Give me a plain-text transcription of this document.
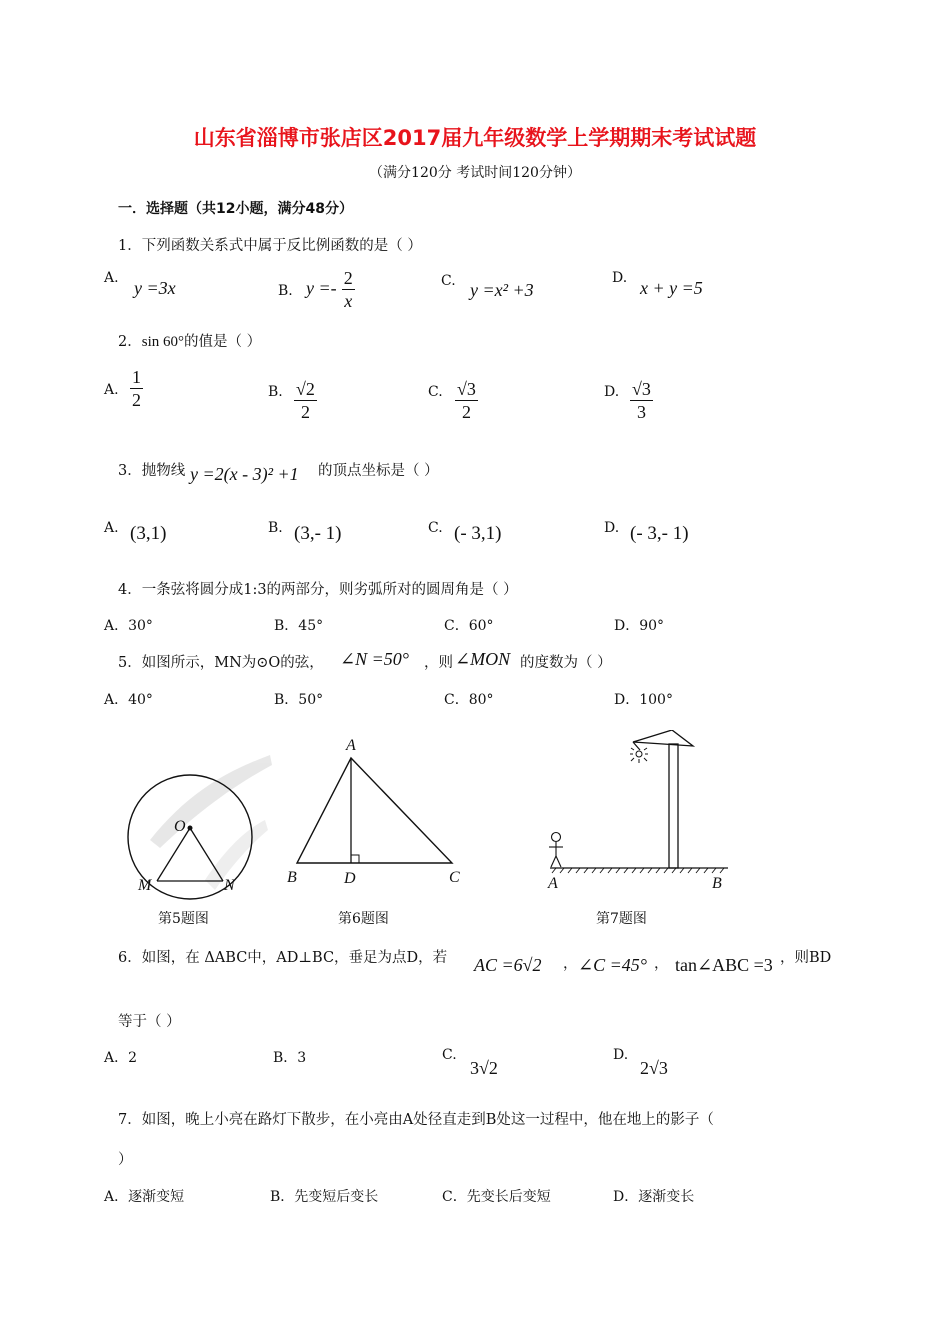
山东省淄博市张店区2017届九年级数学上学期期末考试试题
（满分120分 考试时间120分钟）
一．选择题（共12小题，满分48分）
1．下列函数关系式中属于反比例函数的是（ ）
A. y =3x	B. $y =- \frac{2}{x}$	C. y =x² +3
D. x + y =5
2．sin 60°的值是（ ）
A. $\frac{1}{2}$	B. $\frac{√2}{2}$	C. $\frac{√3}{2}$	D. $\frac{√3}{3}$
3．抛物线 y =2(x - 3)² +1 的顶点坐标是（ ）
A. (3,1)	B. (3,- 1)	C. (- 3,1)	D. (- 3,- 1)
4．一条弦将圆分成1:3的两部分，则劣弧所对的圆周角是（ ）
A．30°	B．45°	C．60°	D．90°
5．如图所示，MN为⊙O的弦， ∠N =50° ，则 ∠MON 的度数为（ ）
A．40°	B．50°	C．80°	D．100°
O
M	N
A
B	D	C	A	B
第5题图	第6题图	第7题图
6．如图，在 ΔABC中，AD⊥BC，垂足为点D，若 AC =6√2 ， ∠C =45° ， tan∠ABC =3 ，则BD
等于（ ）
A．2	B．3	C.
3√2
D.
2√3
7．如图，晚上小亮在路灯下散步，在小亮由A处径直走到B处这一过程中，他在地上的影子（
）
A．逐渐变短	B．先变短后变长	C．先变长后变短	D．逐渐变长
